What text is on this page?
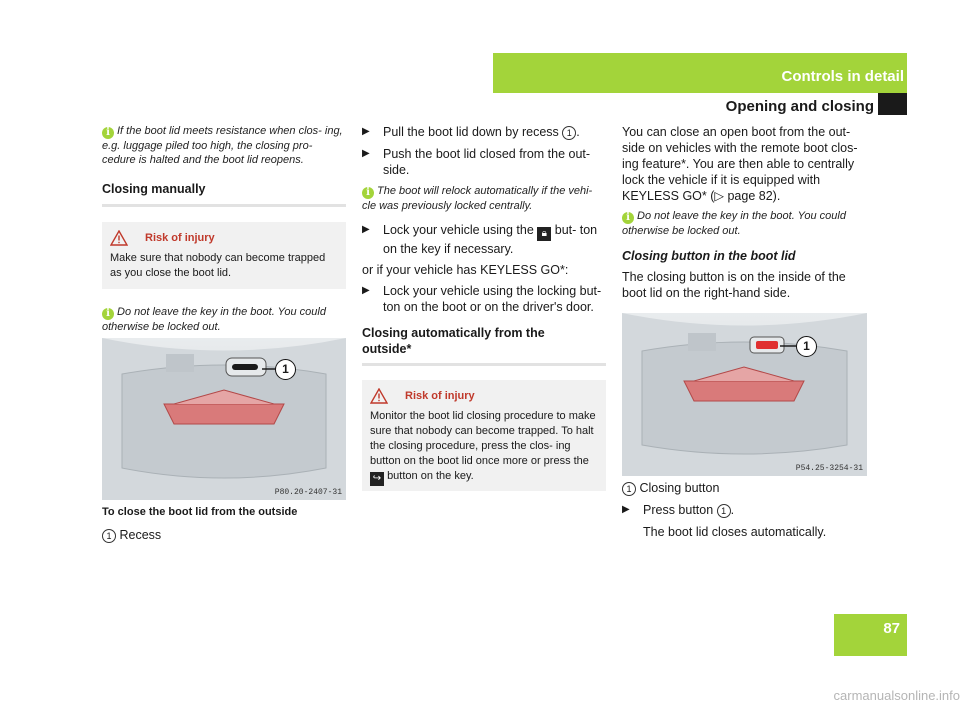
Controls in detail
Opening and closing
i If the boot lid meets resistance when clos- ing, e.g. luggage piled too high, the closing pro- cedure is halted and the boot lid reopens.
Closing manually
Risk of injury
Make sure that nobody can become trapped as you close the boot lid.
i Do not leave the key in the boot. You could otherwise be locked out.
1
P80.20-2407-31
To close the boot lid from the outside
1 Recess
▶ Pull the boot lid down by recess 1 .
▶ Push the boot lid closed from the out- side.
i The boot will relock automatically if the vehi- cle was previously locked centrally.
▶ Lock your vehicle using the 🔒︎ but- ton on the key if necessary.
or if your vehicle has KEYLESS GO*:
▶ Lock your vehicle using the locking but- ton on the boot or on the driver's door.
Closing automatically from the outside*
Risk of injury
Monitor the boot lid closing procedure to make sure that nobody can become trapped. To halt the closing procedure, press the clos- ing button on the boot lid once more or press the ↪ button on the key.
You can close an open boot from the out- side on vehicles with the remote boot clos- ing feature*. You are then able to centrally lock the vehicle if it is equipped with KEYLESS GO* (▷ page 82).
i Do not leave the key in the boot. You could otherwise be locked out.
Closing button in the boot lid
The closing button is on the inside of the boot lid on the right-hand side.
1
P54.25-3254-31
1 Closing button
▶ Press button 1 .
The boot lid closes automatically.
87
carmanualsonline.info
